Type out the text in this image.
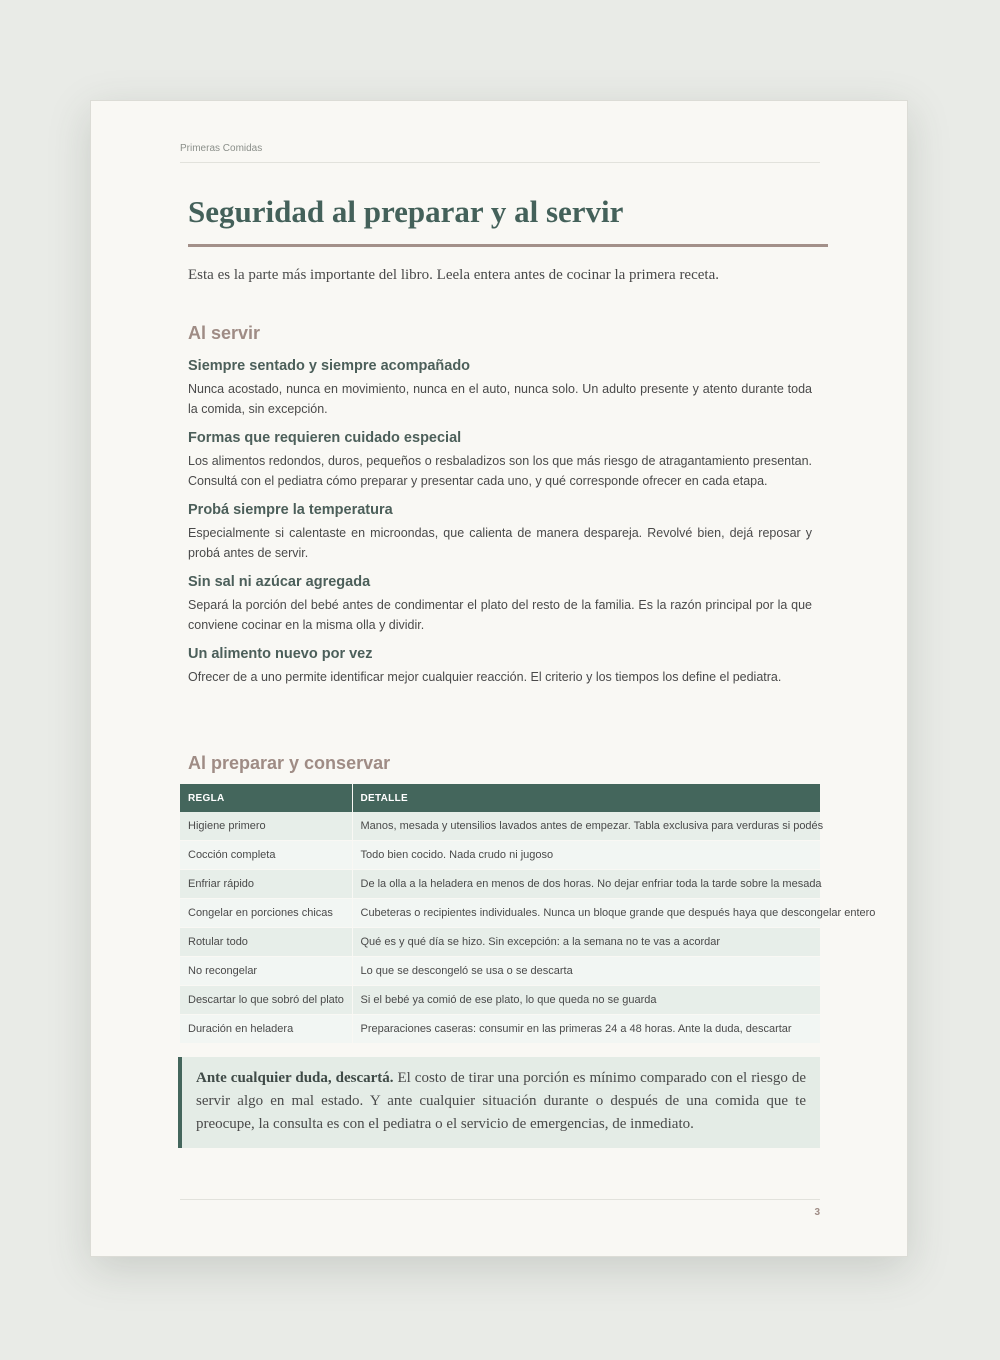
Primeras Comidas
Seguridad al preparar y al servir
Esta es la parte más importante del libro. Leela entera antes de cocinar la primera receta.
Al servir
Siempre sentado y siempre acompañado

Nunca acostado, nunca en movimiento, nunca en el auto, nunca solo. Un adulto presente y atento durante toda la comida, sin excepción.

Formas que requieren cuidado especial

Los alimentos redondos, duros, pequeños o resbaladizos son los que más riesgo de atragantamiento presentan. Consultá con el pediatra cómo preparar y presentar cada uno, y qué corresponde ofrecer en cada etapa.

Probá siempre la temperatura

Especialmente si calentaste en microondas, que calienta de manera despareja. Revolvé bien, dejá reposar y probá antes de servir.

Sin sal ni azúcar agregada

Separá la porción del bebé antes de condimentar el plato del resto de la familia. Es la razón principal por la que conviene cocinar en la misma olla y dividir.

Un alimento nuevo por vez

Ofrecer de a uno permite identificar mejor cualquier reacción. El criterio y los tiempos los define el pediatra.

Al preparar y conservar
REGLA	DETALLE
Higiene primero	Manos, mesada y utensilios lavados antes de empezar. Tabla exclusiva para verduras si podés
Cocción completa	Todo bien cocido. Nada crudo ni jugoso
Enfriar rápido	De la olla a la heladera en menos de dos horas. No dejar enfriar toda la tarde sobre la mesada
Congelar en porciones chicas	Cubeteras o recipientes individuales. Nunca un bloque grande que después haya que descongelar entero
Rotular todo	Qué es y qué día se hizo. Sin excepción: a la semana no te vas a acordar
No recongelar	Lo que se descongeló se usa o se descarta
Descartar lo que sobró del plato	Si el bebé ya comió de ese plato, lo que queda no se guarda
Duración en heladera	Preparaciones caseras: consumir en las primeras 24 a 48 horas. Ante la duda, descartar
Ante cualquier duda, descartá. El costo de tirar una porción es mínimo comparado con el riesgo de servir algo en mal estado. Y ante cualquier situación durante o después de una comida que te preocupe, la consulta es con el pediatra o el servicio de emergencias, de inmediato.
3
